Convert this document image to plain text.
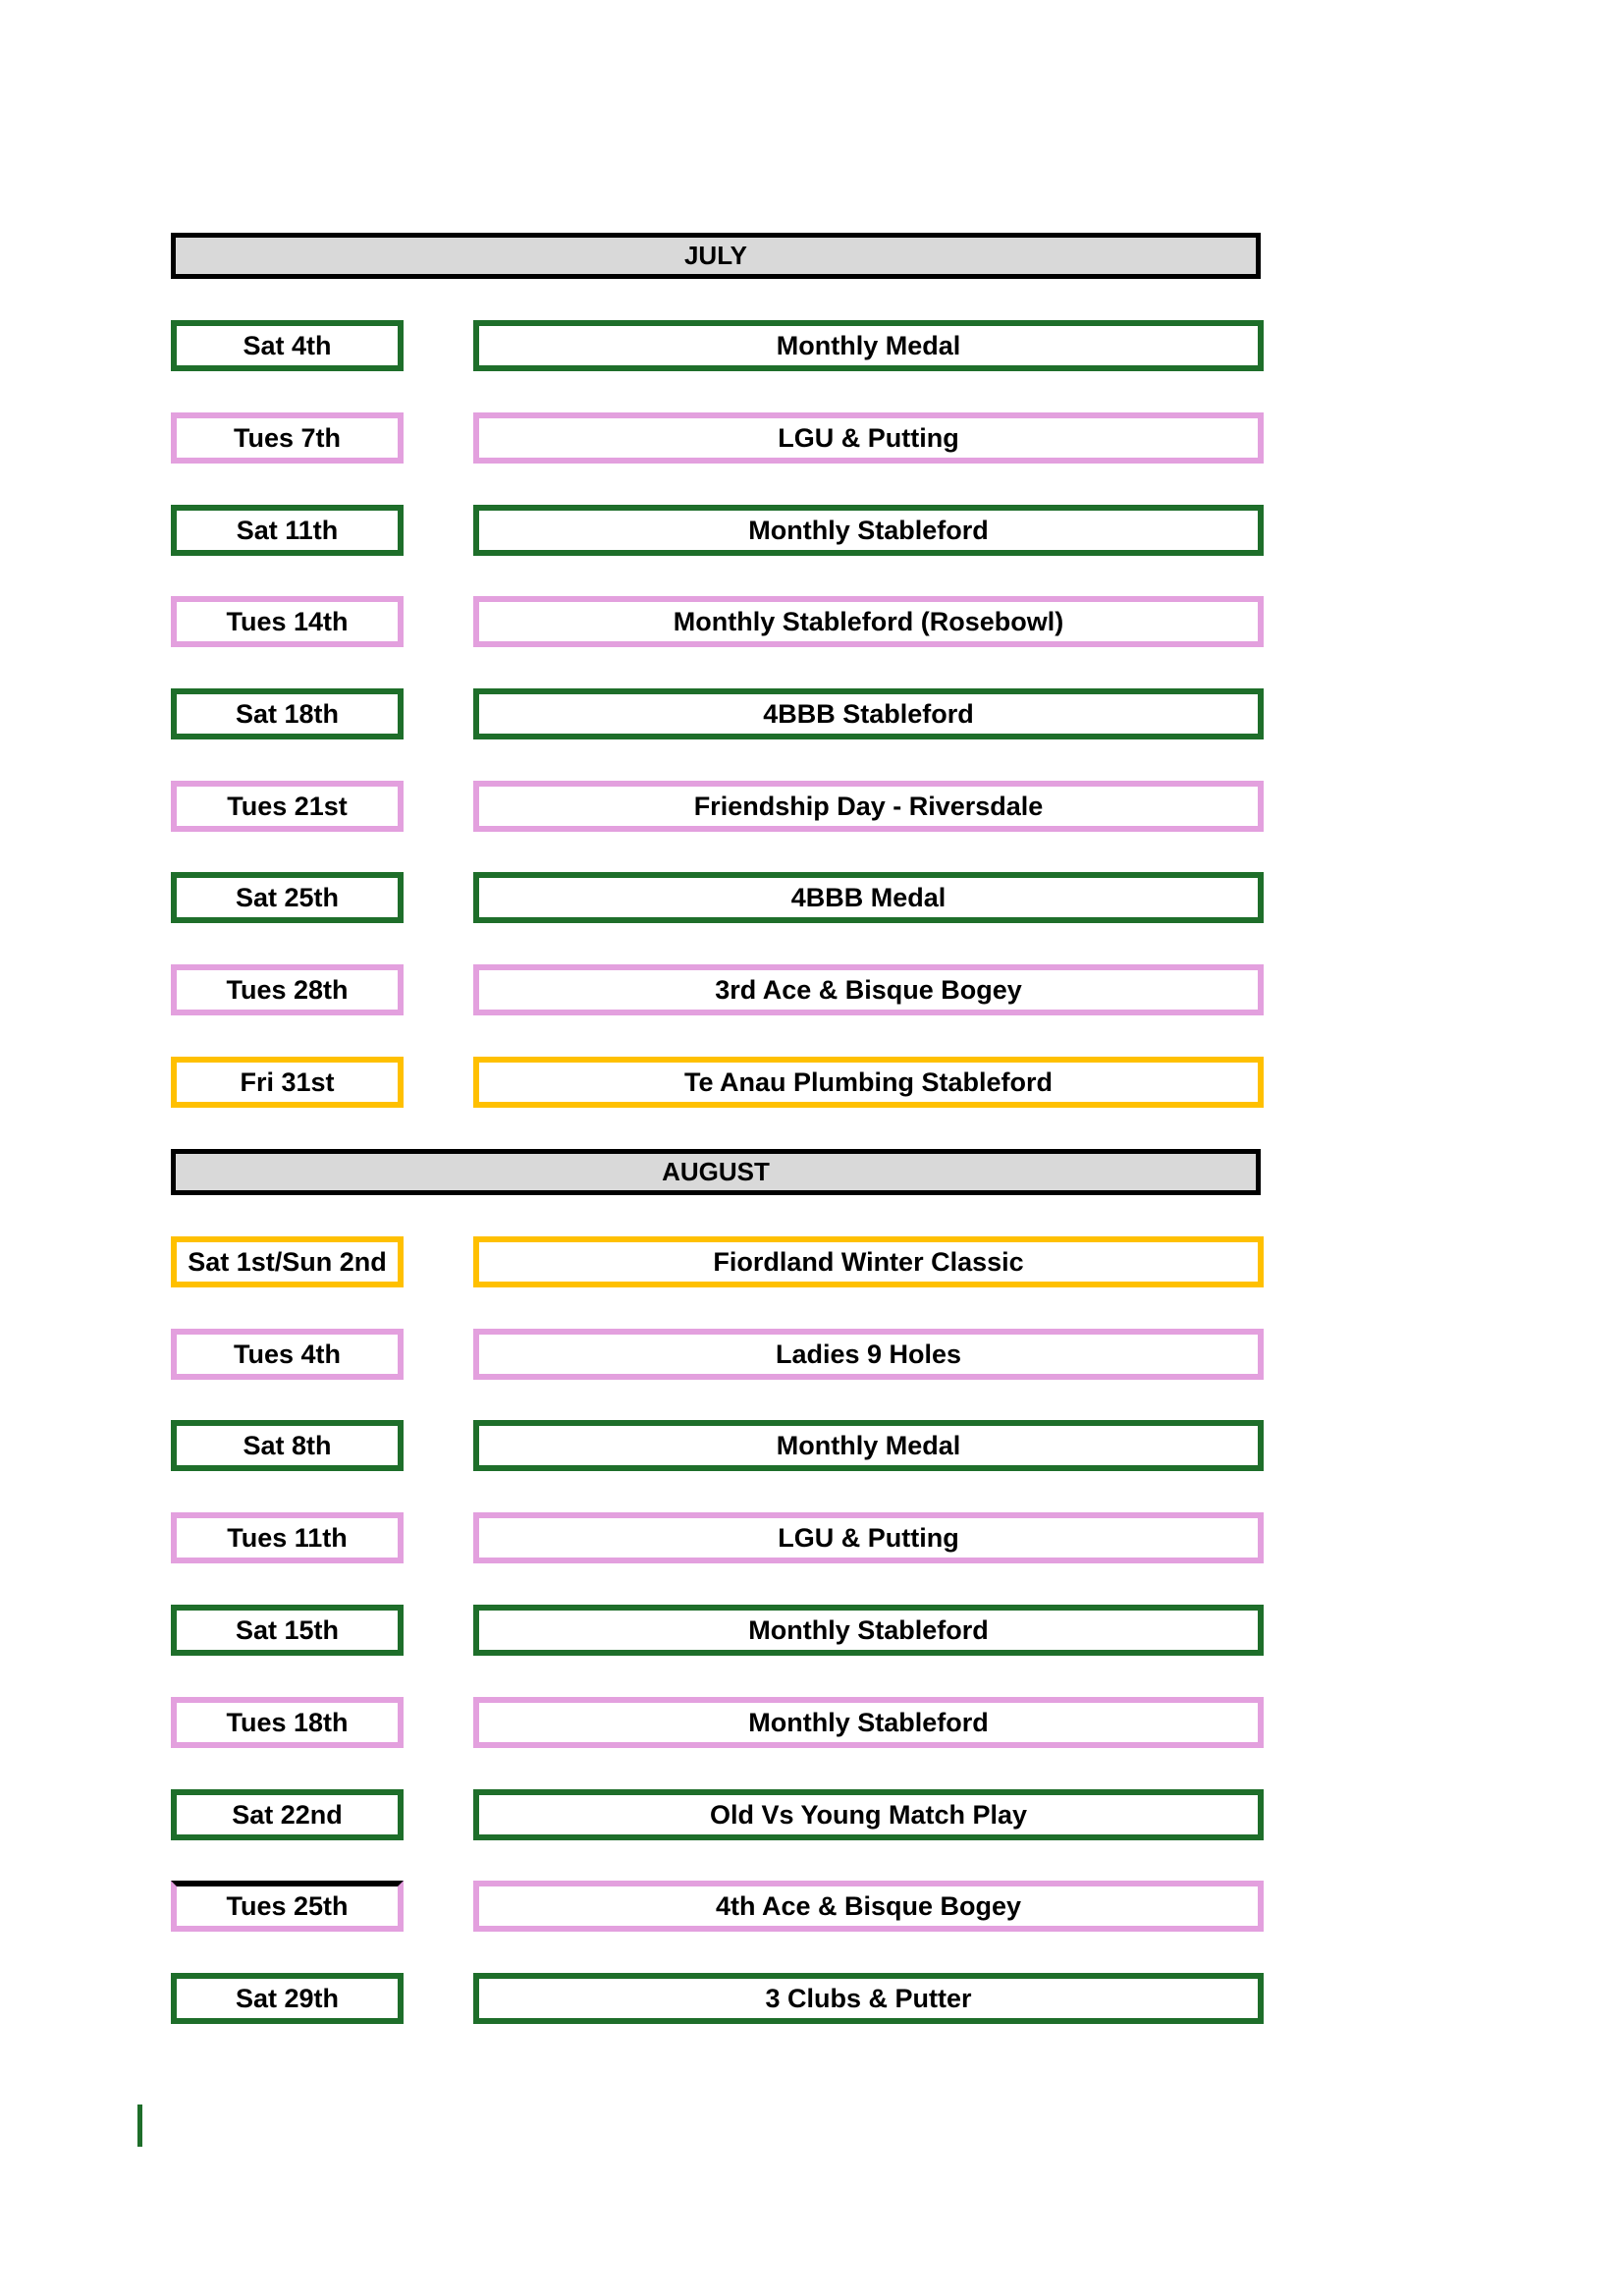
JULY
Sat 4th	Monthly Medal
Tues 7th	LGU & Putting
Sat 11th	Monthly Stableford
Tues 14th	Monthly Stableford (Rosebowl)
Sat 18th	4BBB Stableford
Tues 21st	Friendship Day - Riversdale
Sat 25th	4BBB Medal
Tues 28th	3rd Ace & Bisque Bogey
Fri 31st	Te Anau Plumbing Stableford
AUGUST
Sat 1st/Sun 2nd	Fiordland Winter Classic
Tues 4th	Ladies 9 Holes
Sat 8th	Monthly Medal
Tues 11th	LGU & Putting
Sat 15th	Monthly Stableford
Tues 18th	Monthly Stableford
Sat 22nd	Old Vs Young Match Play
Tues 25th	4th Ace & Bisque Bogey
Sat 29th	3 Clubs & Putter
